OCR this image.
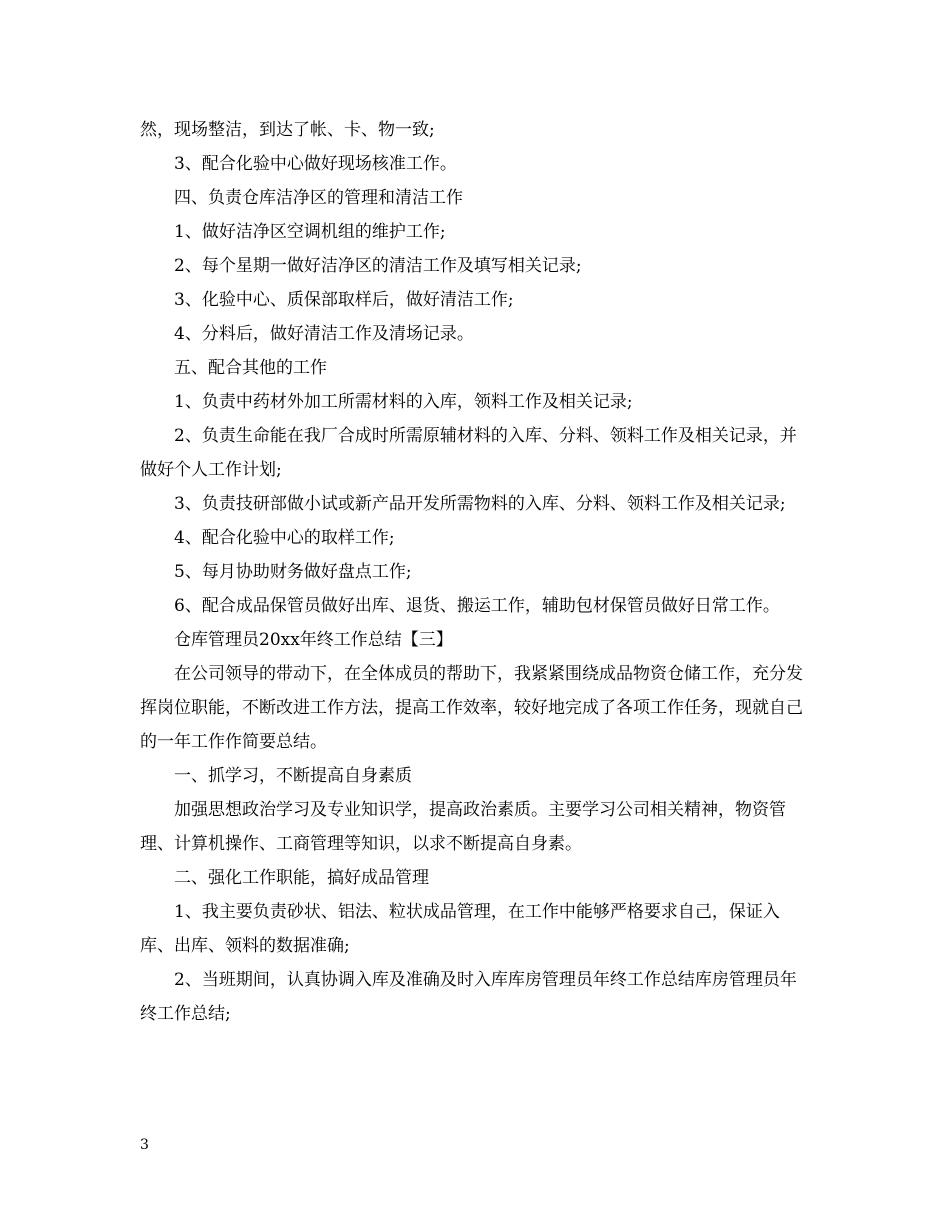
然，现场整洁，到达了帐、卡、物一致;

3、配合化验中心做好现场核准工作。

四、负责仓库洁净区的管理和清洁工作

1、做好洁净区空调机组的维护工作;

2、每个星期一做好洁净区的清洁工作及填写相关记录;

3、化验中心、质保部取样后，做好清洁工作;

4、分料后，做好清洁工作及清场记录。

五、配合其他的工作

1、负责中药材外加工所需材料的入库，领料工作及相关记录;

2、负责生命能在我厂合成时所需原辅材料的入库、分料、领料工作及相关记录，并做好个人工作计划;

3、负责技研部做小试或新产品开发所需物料的入库、分料、领料工作及相关记录;

4、配合化验中心的取样工作;

5、每月协助财务做好盘点工作;

6、配合成品保管员做好出库、退货、搬运工作，辅助包材保管员做好日常工作。

仓库管理员20xx年终工作总结【三】

在公司领导的带动下，在全体成员的帮助下，我紧紧围绕成品物资仓储工作，充分发挥岗位职能，不断改进工作方法，提高工作效率，较好地完成了各项工作任务，现就自己的一年工作作简要总结。

一、抓学习，不断提高自身素质

加强思想政治学习及专业知识学，提高政治素质。主要学习公司相关精神，物资管理、计算机操作、工商管理等知识，以求不断提高自身素。

二、强化工作职能，搞好成品管理

1、我主要负责砂状、铝法、粒状成品管理，在工作中能够严格要求自己，保证入库、出库、领料的数据准确;

2、当班期间，认真协调入库及准确及时入库库房管理员年终工作总结库房管理员年终工作总结;

3
